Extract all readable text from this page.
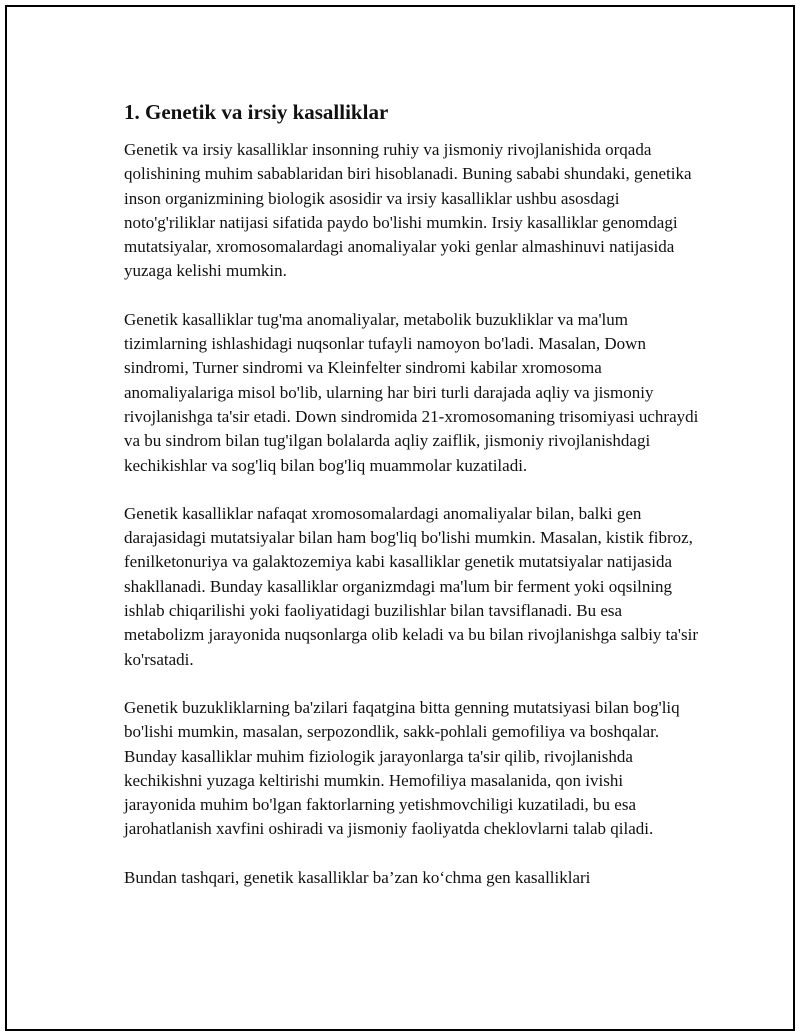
1. Genetik va irsiy kasalliklar

Genetik va irsiy kasalliklar insonning ruhiy va jismoniy rivojlanishida orqada qolishining muhim sabablaridan biri hisoblanadi. Buning sababi shundaki, genetika inson organizmining biologik asosidir va irsiy kasalliklar ushbu asosdagi noto'g'riliklar natijasi sifatida paydo bo'lishi mumkin. Irsiy kasalliklar genomdagi mutatsiyalar, xromosomalardagi anomaliyalar yoki genlar almashinuvi natijasida yuzaga kelishi mumkin.

Genetik kasalliklar tug'ma anomaliyalar, metabolik buzukliklar va ma'lum tizimlarning ishlashidagi nuqsonlar tufayli namoyon bo'ladi. Masalan, Down sindromi, Turner sindromi va Kleinfelter sindromi kabilar xromosoma anomaliyalariga misol bo'lib, ularning har biri turli darajada aqliy va jismoniy rivojlanishga ta'sir etadi. Down sindromida 21-xromosomaning trisomiyasi uchraydi va bu sindrom bilan tug'ilgan bolalarda aqliy zaiflik, jismoniy rivojlanishdagi kechikishlar va sog'liq bilan bog'liq muammolar kuzatiladi.

Genetik kasalliklar nafaqat xromosomalardagi anomaliyalar bilan, balki gen darajasidagi mutatsiyalar bilan ham bog'liq bo'lishi mumkin. Masalan, kistik fibroz, fenilketonuriya va galaktozemiya kabi kasalliklar genetik mutatsiyalar natijasida shakllanadi. Bunday kasalliklar organizmdagi ma'lum bir ferment yoki oqsilning ishlab chiqarilishi yoki faoliyatidagi buzilishlar bilan tavsiflanadi. Bu esa metabolizm jarayonida nuqsonlarga olib keladi va bu bilan rivojlanishga salbiy ta'sir ko'rsatadi.

Genetik buzukliklarning ba'zilari faqatgina bitta genning mutatsiyasi bilan bog'liq bo'lishi mumkin, masalan, serpozondlik, sakk-pohlali gemofiliya va boshqalar. Bunday kasalliklar muhim fiziologik jarayonlarga ta'sir qilib, rivojlanishda kechikishni yuzaga keltirishi mumkin. Hemofiliya masalanida, qon ivishi jarayonida muhim bo'lgan faktorlarning yetishmovchiligi kuzatiladi, bu esa jarohatlanish xavfini oshiradi va jismoniy faoliyatda cheklovlarni talab qiladi.

Bundan tashqari, genetik kasalliklar ba’zan ko‘chma gen kasalliklari
